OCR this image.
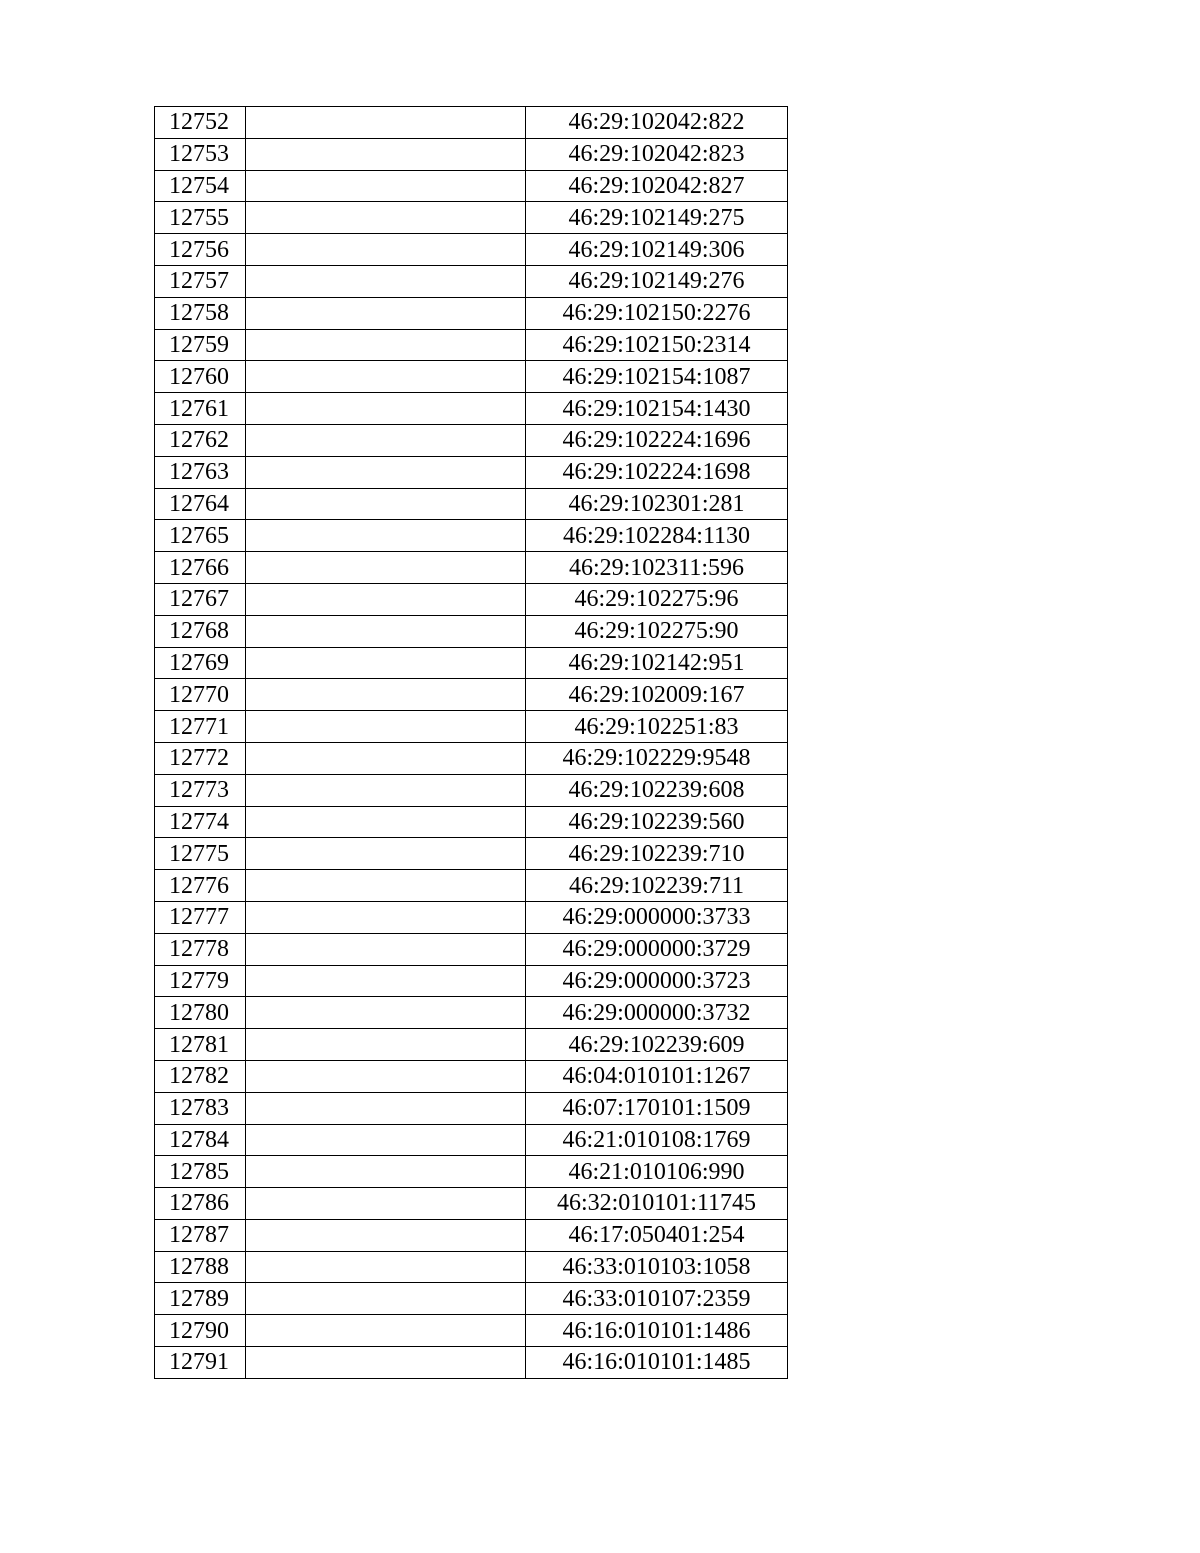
12752		46:29:102042:822
12753		46:29:102042:823
12754		46:29:102042:827
12755		46:29:102149:275
12756		46:29:102149:306
12757		46:29:102149:276
12758		46:29:102150:2276
12759		46:29:102150:2314
12760		46:29:102154:1087
12761		46:29:102154:1430
12762		46:29:102224:1696
12763		46:29:102224:1698
12764		46:29:102301:281
12765		46:29:102284:1130
12766		46:29:102311:596
12767		46:29:102275:96
12768		46:29:102275:90
12769		46:29:102142:951
12770		46:29:102009:167
12771		46:29:102251:83
12772		46:29:102229:9548
12773		46:29:102239:608
12774		46:29:102239:560
12775		46:29:102239:710
12776		46:29:102239:711
12777		46:29:000000:3733
12778		46:29:000000:3729
12779		46:29:000000:3723
12780		46:29:000000:3732
12781		46:29:102239:609
12782		46:04:010101:1267
12783		46:07:170101:1509
12784		46:21:010108:1769
12785		46:21:010106:990
12786		46:32:010101:11745
12787		46:17:050401:254
12788		46:33:010103:1058
12789		46:33:010107:2359
12790		46:16:010101:1486
12791		46:16:010101:1485
